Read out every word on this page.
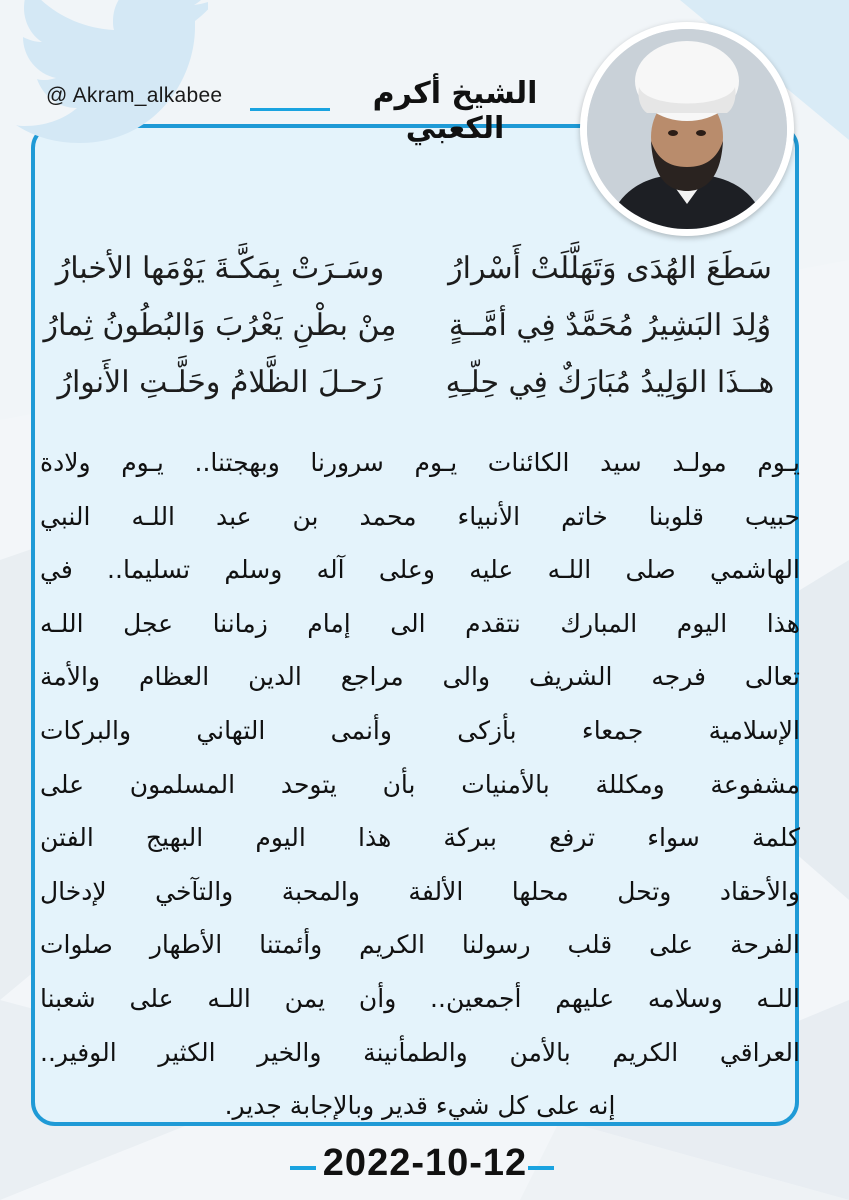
@ Akram_alkabee	الشيخ أكرم الكعبي
سَطَعَ الهُدَى وَتَهَلَّلَتْ أَسْرارُ
وسَـرَتْ بِمَكَّـةَ يَوْمَها الأخبارُ
وُلِدَ البَشِيرُ مُحَمَّدٌ فِي أمَّــةٍ
مِنْ بطْنِ يَعْرُبَ وَالبُطُونُ ثِمارُ
هــذَا الوَلِيدُ مُبَارَكٌ فِي حِلّـِهِ
رَحـلَ الظَّلامُ وحَلَّـتِ الأَنوارُ
يـوم مولـد سيد الكائنات يـوم سرورنا وبهجتنا.. يـوم ولادة
حبيب قلوبنا خاتم الأنبياء محمد بن عبد اللـه النبي
الهاشمي صلى اللـه عليه وعلى آله وسلم تسليما.. في
هذا اليوم المبارك نتقدم الى إمام زماننا عجل اللـه
تعالى فرجه الشريف والى مراجع الدين العظام والأمة
الإسلامية جمعاء بأزكى وأنمى التهاني والبركات
مشفوعة ومكللة بالأمنيات بأن يتوحد المسلمون على
كلمة سواء ترفع ببركة هذا اليوم البهيج الفتن
والأحقاد وتحل محلها الألفة والمحبة والتآخي لإدخال
الفرحة على قلب رسولنا الكريم وأئمتنا الأطهار صلوات
اللـه وسلامه عليهم أجمعين.. وأن يمن اللـه على شعبنا
العراقي الكريم بالأمن والطمأنينة والخير الكثير الوفير..
إنه على كل شيء قدير وبالإجابة جدير.
2022-10-12
